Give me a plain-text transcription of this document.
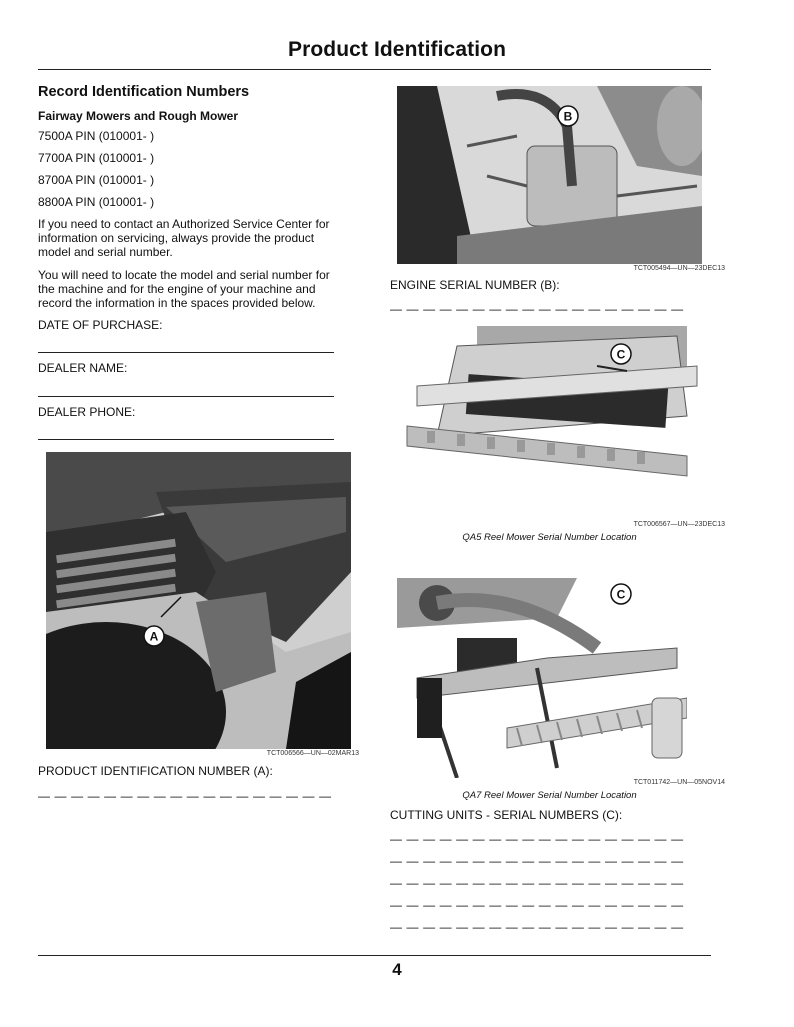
Product Identification
Record Identification Numbers
Fairway Mowers and Rough Mower
7500A PIN (010001- )
7700A PIN (010001- )
8700A PIN (010001- )
8800A PIN (010001- )
If you need to contact an Authorized Service Center for
information on servicing, always provide the product
model and serial number.
You will need to locate the model and serial number for
the machine and for the engine of your machine and
record the information in the spaces provided below.
DATE OF PURCHASE:
DEALER NAME:
DEALER PHONE:
A
TCT006566—UN—02MAR13
PRODUCT IDENTIFICATION NUMBER (A):
— — — — — — — — — — — — — — — — — —
B
TCT005494—UN—23DEC13
ENGINE SERIAL NUMBER (B):
— — — — — — — — — — — — — — — — — —
C
TCT006567—UN—23DEC13
QA5 Reel Mower Serial Number Location
C
TCT011742—UN—05NOV14
QA7 Reel Mower Serial Number Location
CUTTING UNITS - SERIAL NUMBERS (C):
— — — — — — — — — — — — — — — — — —
— — — — — — — — — — — — — — — — — —
— — — — — — — — — — — — — — — — — —
— — — — — — — — — — — — — — — — — —
— — — — — — — — — — — — — — — — — —
4
